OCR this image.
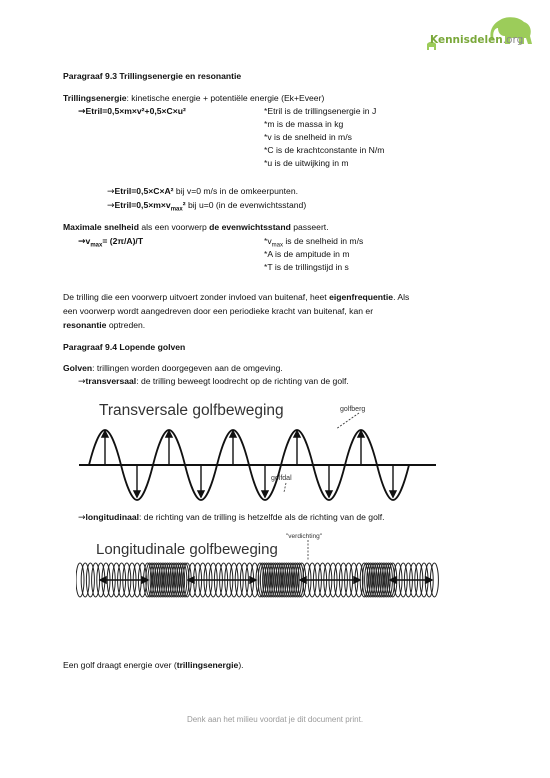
Kennisdelen.org
Paragraaf 9.3 Trillingsenergie en resonantie
Trillingsenergie: kinetische energie + potentiële energie (Ek+Eveer)
→Etril=0,5×m×v²+0,5×C×u²	*Etril is de trillingsenergie in J
*m is de massa in kg
*v is de snelheid in m/s
*C is de krachtconstante in N/m
*u is de uitwijking in m
→Etril=0,5×C×A² bij v=0 m/s in de omkeerpunten.
$\to Etril=0,5\times m\times v_{max}^2$ bij u=0 (in de evenwichtsstand)
Maximale snelheid als een voorwerp de evenwichtsstand passeert.
$\to v_{max}= (2\pi/A)/T$	$*v_{max}$ is de snelheid in m/s
*A is de ampitude in m
*T is de trillingstijd in s
De trilling die een voorwerp uitvoert zonder invloed van buitenaf, heet eigenfrequentie. Als
een voorwerp wordt aangedreven door een periodieke kracht van buitenaf, kan er
resonantie optreden.
Paragraaf 9.4 Lopende golven
Golven: trillingen worden doorgegeven aan de omgeving.
→transversaal: de trilling beweegt loodrecht op de richting van de golf.
Transversale golfbeweging	golfberg
golfdal
→longitudinaal: de richting van de trilling is hetzelfde als de richting van de golf.
"verdichting"
Longitudinale golfbeweging
Een golf draagt energie over (trillingsenergie).
Denk aan het milieu voordat je dit document print.
